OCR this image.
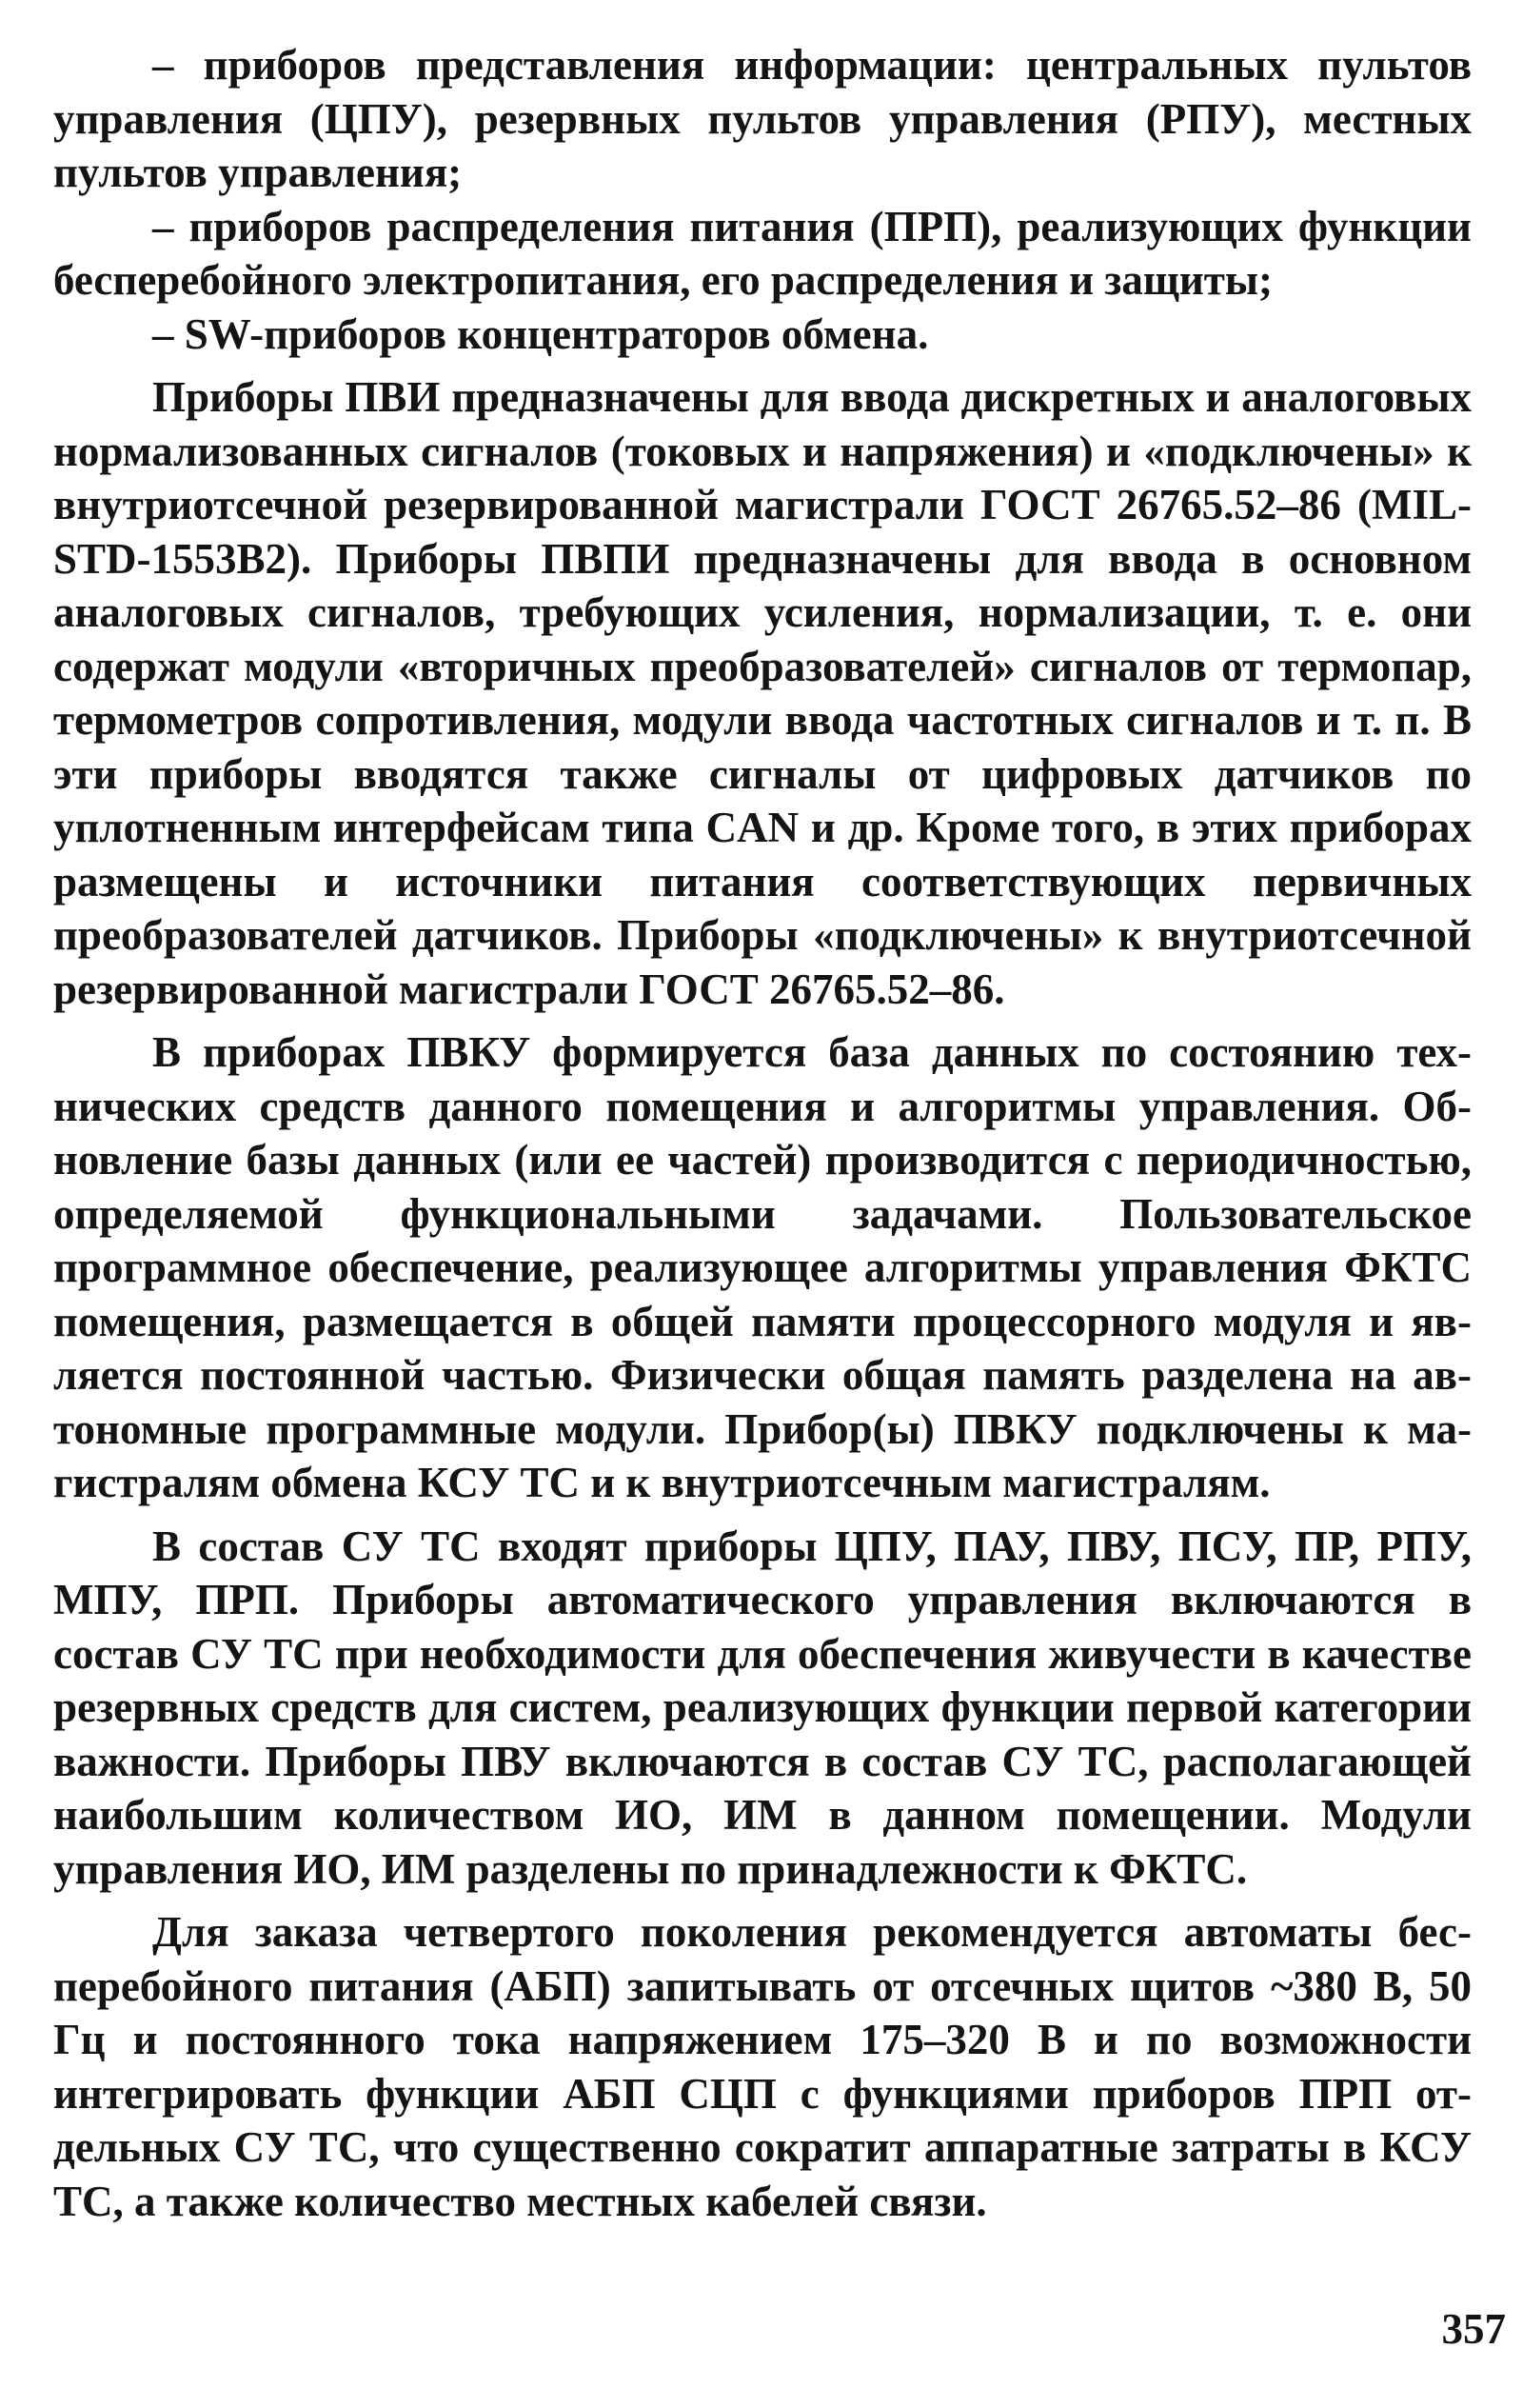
– приборов представления информации: центральных пультов управления (ЦПУ), резервных пультов управления (РПУ), местных пультов управления;

– приборов распределения питания (ПРП), реализующих функции бесперебойного электропитания, его распределения и защиты;

– SW-приборов концентраторов обмена.

Приборы ПВИ предназначены для ввода дискретных и аналоговых нормализованных сигналов (токовых и напряжения) и «подключены» к внутриотсечной резервированной магистрали ГОСТ 26765.52–86 (MIL-STD-1553B2). Приборы ПВПИ предназначены для ввода в основном аналоговых сигналов, требующих усиления, нормализации, т. е. они содержат модули «вторичных преобразователей» сигналов от термопар, термометров сопротивления, модули ввода частотных сигналов и т. п. В эти приборы вводятся также сигналы от цифровых датчиков по уплотненным интерфейсам типа CAN и др. Кроме того, в этих приборах размещены и источники питания соответствующих первичных преобразователей датчиков. Приборы «подключены» к внутриотсечной резервированной магистрали ГОСТ 26765.52–86.

В приборах ПВКУ формируется база данных по состоянию технических средств данного помещения и алгоритмы управления. Обновление базы данных (или ее частей) производится с периодичностью, определяемой функциональными задачами. Пользовательское программное обеспечение, реализующее алгоритмы управления ФКТС помещения, размещается в общей памяти процессорного модуля и является постоянной частью. Физически общая память разделена на автономные программные модули. Прибор(ы) ПВКУ подключены к магистралям обмена КСУ ТС и к внутриотсечным магистралям.

В состав СУ ТС входят приборы ЦПУ, ПАУ, ПВУ, ПСУ, ПР, РПУ, МПУ, ПРП. Приборы автоматического управления включаются в состав СУ ТС при необходимости для обеспечения живучести в качестве резервных средств для систем, реализующих функции первой категории важности. Приборы ПВУ включаются в состав СУ ТС, располагающей наибольшим количеством ИО, ИМ в данном помещении. Модули управления ИО, ИМ разделены по принадлежности к ФКТС.

Для заказа четвертого поколения рекомендуется автоматы бесперебойного питания (АБП) запитывать от отсечных щитов ~380 В, 50 Гц и постоянного тока напряжением 175–320 В и по возможности интегрировать функции АБП СЦП с функциями приборов ПРП отдельных СУ ТС, что существенно сократит аппаратные затраты в КСУ ТС, а также количество местных кабелей связи.

357
